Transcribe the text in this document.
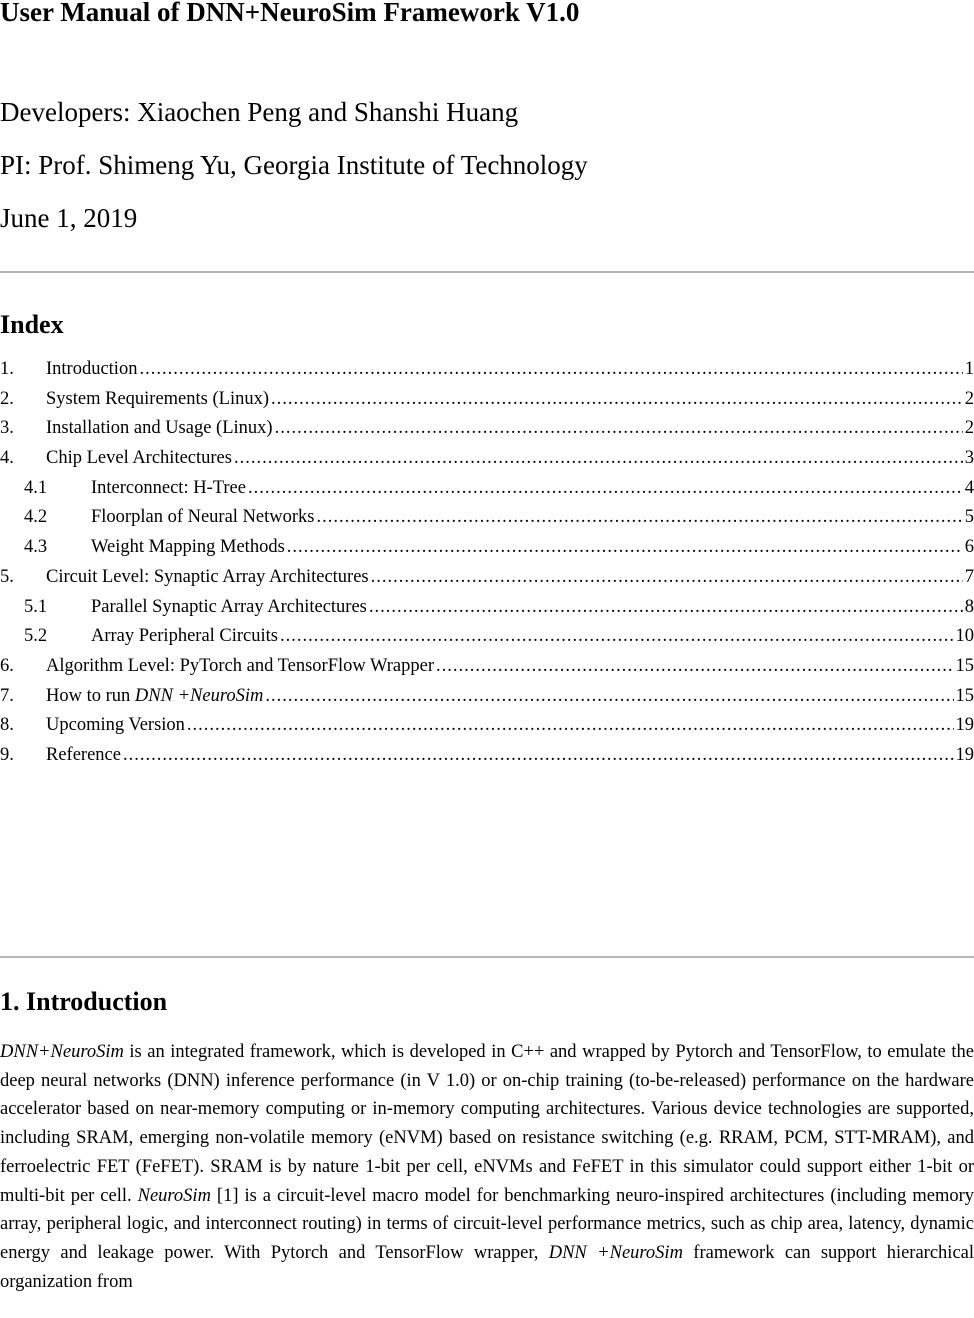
User Manual of DNN+NeuroSim Framework V1.0

Developers: Xiaochen Peng and Shanshi Huang

PI: Prof. Shimeng Yu, Georgia Institute of Technology

June 1, 2019

Index
1.	Introduction .....	1
2.	System Requirements (Linux) .....	2
3.	Installation and Usage (Linux) .....	2
4.	Chip Level Architectures .....	3
4.1	Interconnect: H-Tree .....	4
4.2	Floorplan of Neural Networks .....	5
4.3	Weight Mapping Methods .....	6
5.	Circuit Level: Synaptic Array Architectures .....	7
5.1	Parallel Synaptic Array Architectures .....	8
5.2	Array Peripheral Circuits .....	10
6.	Algorithm Level: PyTorch and TensorFlow Wrapper .....	15
7.	How to run DNN +NeuroSim .....	15
8.	Upcoming Version .....	19
9.	Reference .....	19
1. Introduction

DNN+NeuroSim is an integrated framework, which is developed in C++ and wrapped by Pytorch and TensorFlow, to emulate the deep neural networks (DNN) inference performance (in V 1.0) or on-chip training (to-be-released) performance on the hardware accelerator based on near-memory computing or in-memory computing architectures. Various device technologies are supported, including SRAM, emerging non-volatile memory (eNVM) based on resistance switching (e.g. RRAM, PCM, STT-MRAM), and ferroelectric FET (FeFET). SRAM is by nature 1-bit per cell, eNVMs and FeFET in this simulator could support either 1-bit or multi-bit per cell. NeuroSim [1] is a circuit-level macro model for benchmarking neuro-inspired architectures (including memory array, peripheral logic, and interconnect routing) in terms of circuit-level performance metrics, such as chip area, latency, dynamic energy and leakage power. With Pytorch and TensorFlow wrapper, DNN +NeuroSim framework can support hierarchical organization from
